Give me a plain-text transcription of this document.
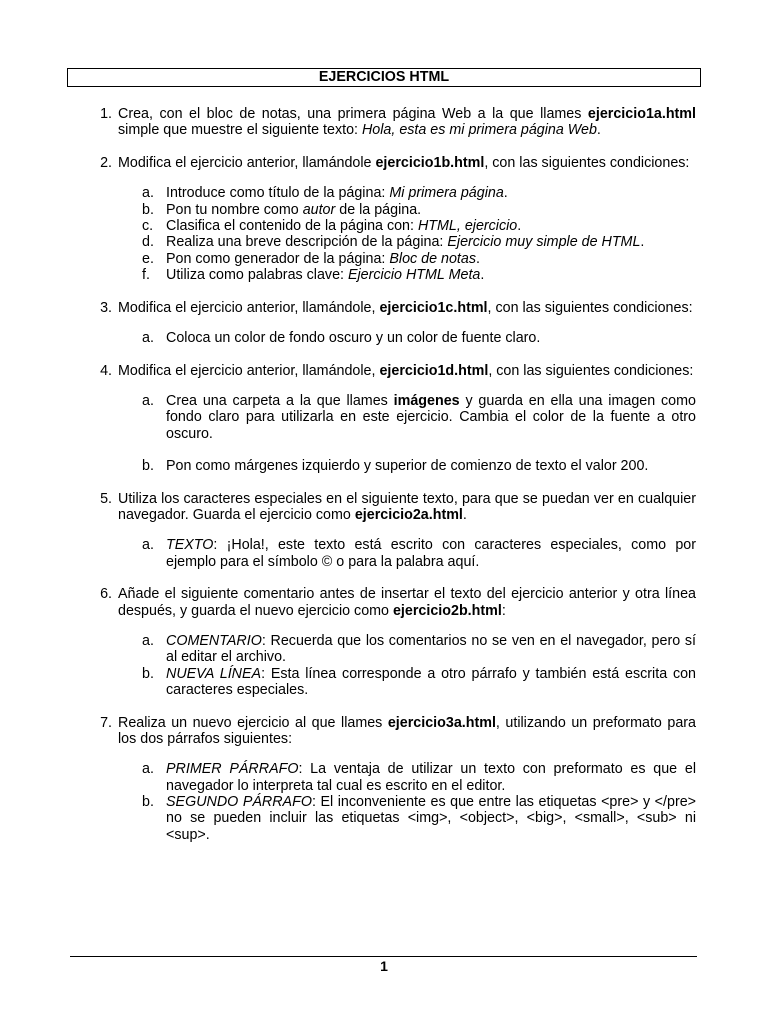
EJERCICIOS HTML
1. Crea, con el bloc de notas, una primera página Web a la que llames ejercicio1a.html simple que muestre el siguiente texto: Hola, esta es mi primera página Web.

2. Modifica el ejercicio anterior, llamándole ejercicio1b.html, con las siguientes condiciones:

a. Introduce como título de la página: Mi primera página.
b. Pon tu nombre como autor de la página.
c. Clasifica el contenido de la página con: HTML, ejercicio.
d. Realiza una breve descripción de la página: Ejercicio muy simple de HTML.
e. Pon como generador de la página: Bloc de notas.
f. Utiliza como palabras clave: Ejercicio HTML Meta.
3. Modifica el ejercicio anterior, llamándole, ejercicio1c.html, con las siguientes condiciones:

a. Coloca un color de fondo oscuro y un color de fuente claro.
4. Modifica el ejercicio anterior, llamándole, ejercicio1d.html, con las siguientes condiciones:

a. Crea una carpeta a la que llames imágenes y guarda en ella una imagen como fondo claro para utilizarla en este ejercicio. Cambia el color de la fuente a otro oscuro.
b. Pon como márgenes izquierdo y superior de comienzo de texto el valor 200.
5. Utiliza los caracteres especiales en el siguiente texto, para que se puedan ver en cualquier navegador. Guarda el ejercicio como ejercicio2a.html.

a. TEXTO: ¡Hola!, este texto está escrito con caracteres especiales, como por ejemplo para el símbolo © o para la palabra aquí.
6. Añade el siguiente comentario antes de insertar el texto del ejercicio anterior y otra línea después, y guarda el nuevo ejercicio como ejercicio2b.html:

a. COMENTARIO: Recuerda que los comentarios no se ven en el navegador, pero sí al editar el archivo.
b. NUEVA LÍNEA: Esta línea corresponde a otro párrafo y también está escrita con caracteres especiales.
7. Realiza un nuevo ejercicio al que llames ejercicio3a.html, utilizando un preformato para los dos párrafos siguientes:

a. PRIMER PÁRRAFO: La ventaja de utilizar un texto con preformato es que el navegador lo interpreta tal cual es escrito en el editor.
b. SEGUNDO PÁRRAFO: El inconveniente es que entre las etiquetas <pre> y </pre> no se pueden incluir las etiquetas <img>, <object>, <big>, <small>, <sub> ni <sup>.
1
